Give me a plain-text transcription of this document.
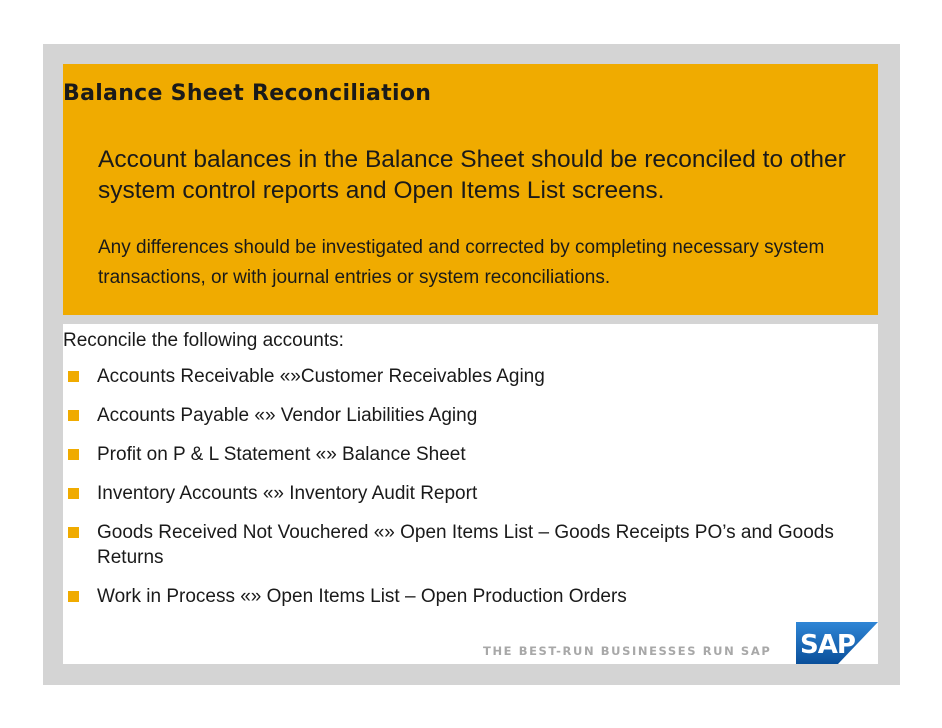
Balance Sheet Reconciliation

Account balances in the Balance Sheet should be reconciled to other system control reports and Open Items List screens.

Any differences should be investigated and corrected by completing necessary system transactions, or with journal entries or system reconciliations.

Reconcile the following accounts:

Accounts Receivable «»Customer Receivables Aging
Accounts Payable «» Vendor Liabilities Aging
Profit on P & L Statement «» Balance Sheet
Inventory Accounts «» Inventory Audit Report
Goods Received Not Vouchered «» Open Items List – Goods Receipts PO’s and Goods Returns
Work in Process «» Open Items List – Open Production Orders
THE BEST-RUN BUSINESSES RUN SAP SAP
